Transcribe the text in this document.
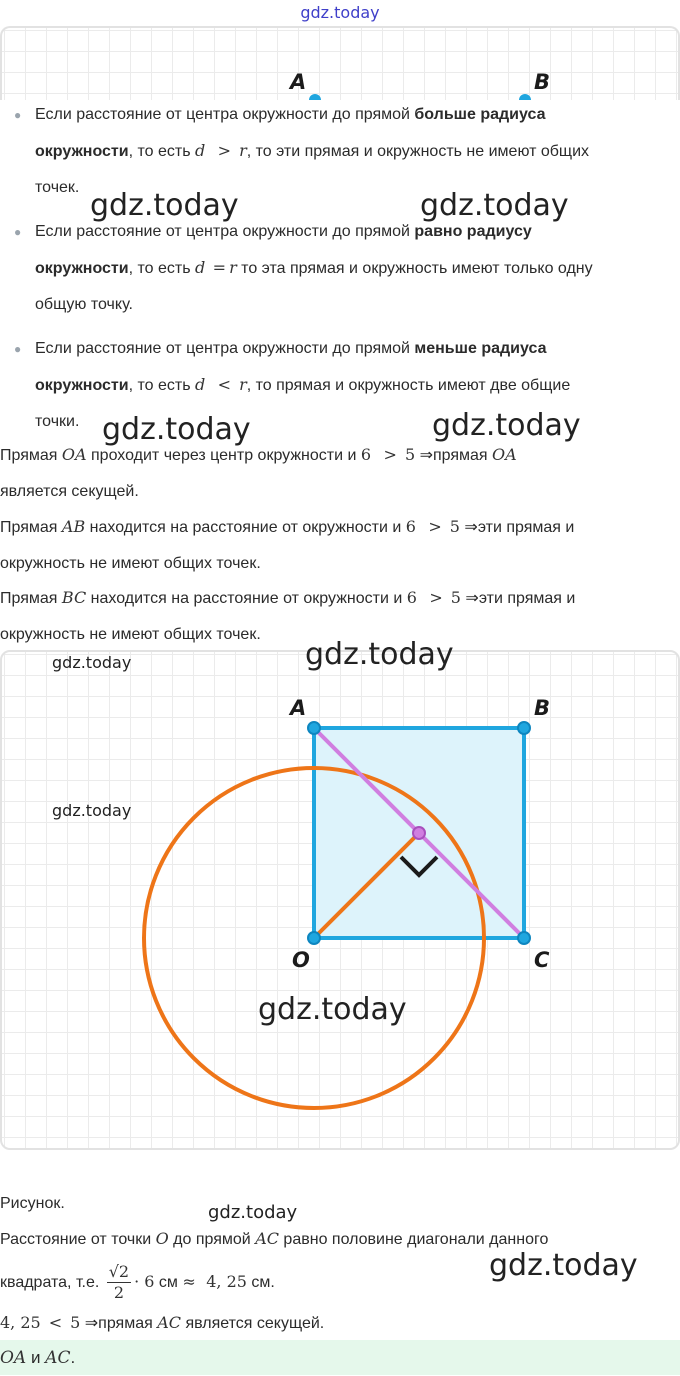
gdz.today
A	B
● Если расстояние от центра окружности до прямой больше радиуса
окружности, то есть d > r, то эти прямая и окружность не имеют общих
точек.
● Если расстояние от центра окружности до прямой равно радиусу
окружности, то есть d = r то эта прямая и окружность имеют только одну
общую точку.
● Если расстояние от центра окружности до прямой меньше радиуса
окружности, то есть d < r, то прямая и окружность имеют две общие
точки.
Прямая OA проходит через центр окружности и 6 > 5 ⇒прямая OA
является секущей.
Прямая AB находится на расстояние от окружности и 6 > 5 ⇒эти прямая и
окружность не имеют общих точек.
Прямая BC находится на расстояние от окружности и 6 > 5 ⇒эти прямая и
окружность не имеют общих точек.
A	B
O	C
Рисунок.
Расстояние от точки O до прямой AC равно половине диагонали данного
квадрата, т.е. $\frac{√2}{2} \cdot 6$ см ≈ 4, 25 см.
4, 25 < 5 ⇒прямая AC является секущей.
OA и AC.
gdz.today	gdz.today
gdz.today	gdz.today
gdz.today
gdz.today
gdz.today
gdz.today
gdz.today
gdz.today
